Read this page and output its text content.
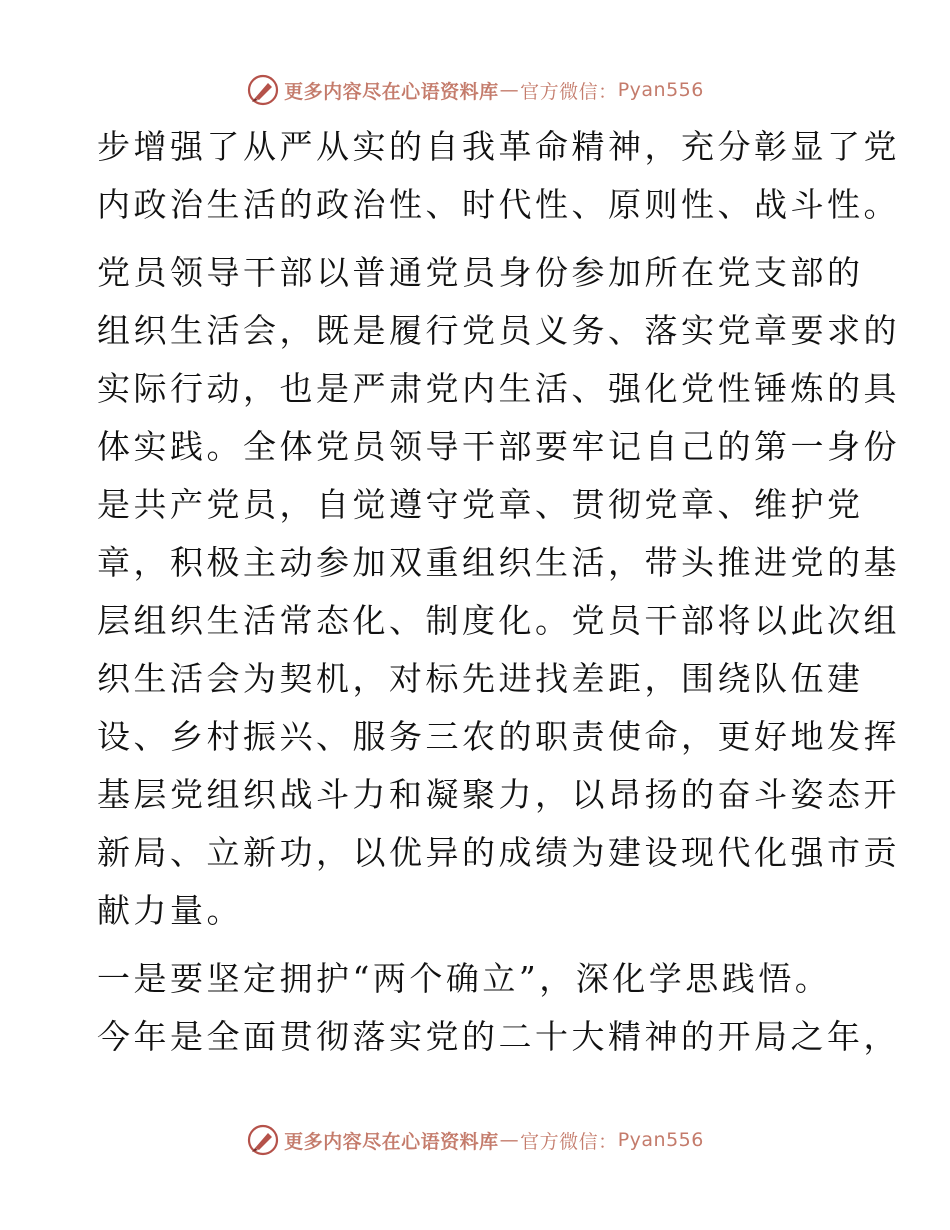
更多内容尽在心语资料库 — 官方微信： Pyan556
步增强了从严从实的自我革命精神，充分彰显了党
内政治生活的政治性、时代性、原则性、战斗性。
党员领导干部以普通党员身份参加所在党支部的
组织生活会，既是履行党员义务、落实党章要求的
实际行动，也是严肃党内生活、强化党性锤炼的具
体实践。全体党员领导干部要牢记自己的第一身份
是共产党员，自觉遵守党章、贯彻党章、维护党
章，积极主动参加双重组织生活，带头推进党的基
层组织生活常态化、制度化。党员干部将以此次组
织生活会为契机，对标先进找差距，围绕队伍建
设、乡村振兴、服务三农的职责使命，更好地发挥
基层党组织战斗力和凝聚力，以昂扬的奋斗姿态开
新局、立新功，以优异的成绩为建设现代化强市贡
献力量。
一是要坚定拥护“两个确立”，深化学思践悟。
今年是全面贯彻落实党的二十大精神的开局之年，
更多内容尽在心语资料库 — 官方微信： Pyan556
